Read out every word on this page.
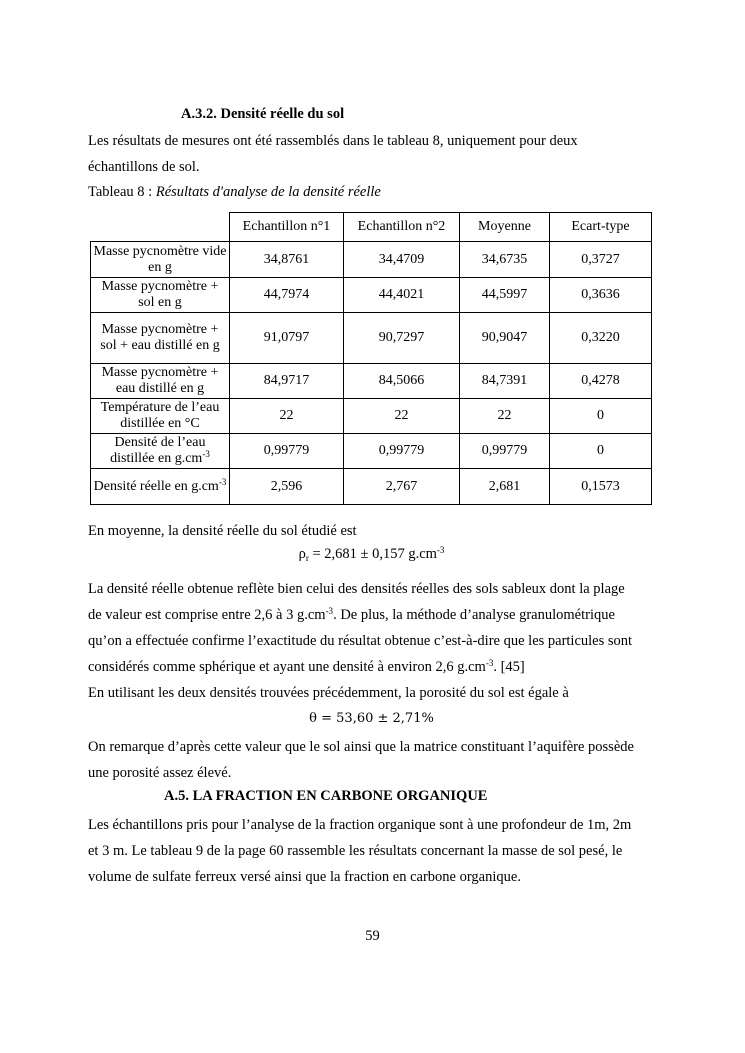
A.3.2. Densité réelle du sol
Les résultats de mesures ont été rassemblés dans le tableau 8, uniquement pour deux
échantillons de sol.
Tableau 8 : Résultats d'analyse de la densité réelle
	Echantillon n°1	Echantillon n°2	Moyenne	Ecart-type
Masse pycnomètre vide en g	34,8761	34,4709	34,6735	0,3727
Masse pycnomètre + sol en g	44,7974	44,4021	44,5997	0,3636
Masse pycnomètre + sol + eau distillé en g	91,0797	90,7297	90,9047	0,3220
Masse pycnomètre + eau distillé en g	84,9717	84,5066	84,7391	0,4278
Température de l’eau distillée en °C	22	22	22	0
Densité de l’eau distillée en $g.cm^{-3}$	0,99779	0,99779	0,99779	0
Densité réelle en $g.cm^{-3}$	2,596	2,767	2,681	0,1573
En moyenne, la densité réelle du sol étudié est
$\rho_r = 2,681 \pm 0,157$ $g.cm^{-3}$
La densité réelle obtenue reflète bien celui des densités réelles des sols sableux dont la plage
de valeur est comprise entre 2,6 à 3 $g.cm^{-3}$. De plus, la méthode d’analyse granulométrique
qu’on a effectuée confirme l’exactitude du résultat obtenue c’est-à-dire que les particules sont
considérés comme sphérique et ayant une densité à environ 2,6 $g.cm^{-3}$. [45]
En utilisant les deux densités trouvées précédemment, la porosité du sol est égale à
θ = 53,60 ± 2,71%
On remarque d’après cette valeur que le sol ainsi que la matrice constituant l’aquifère possède
une porosité assez élevé.
A.5. LA FRACTION EN CARBONE ORGANIQUE
Les échantillons pris pour l’analyse de la fraction organique sont à une profondeur de 1m, 2m
et 3 m. Le tableau 9 de la page 60 rassemble les résultats concernant la masse de sol pesé, le
volume de sulfate ferreux versé ainsi que la fraction en carbone organique.
59
